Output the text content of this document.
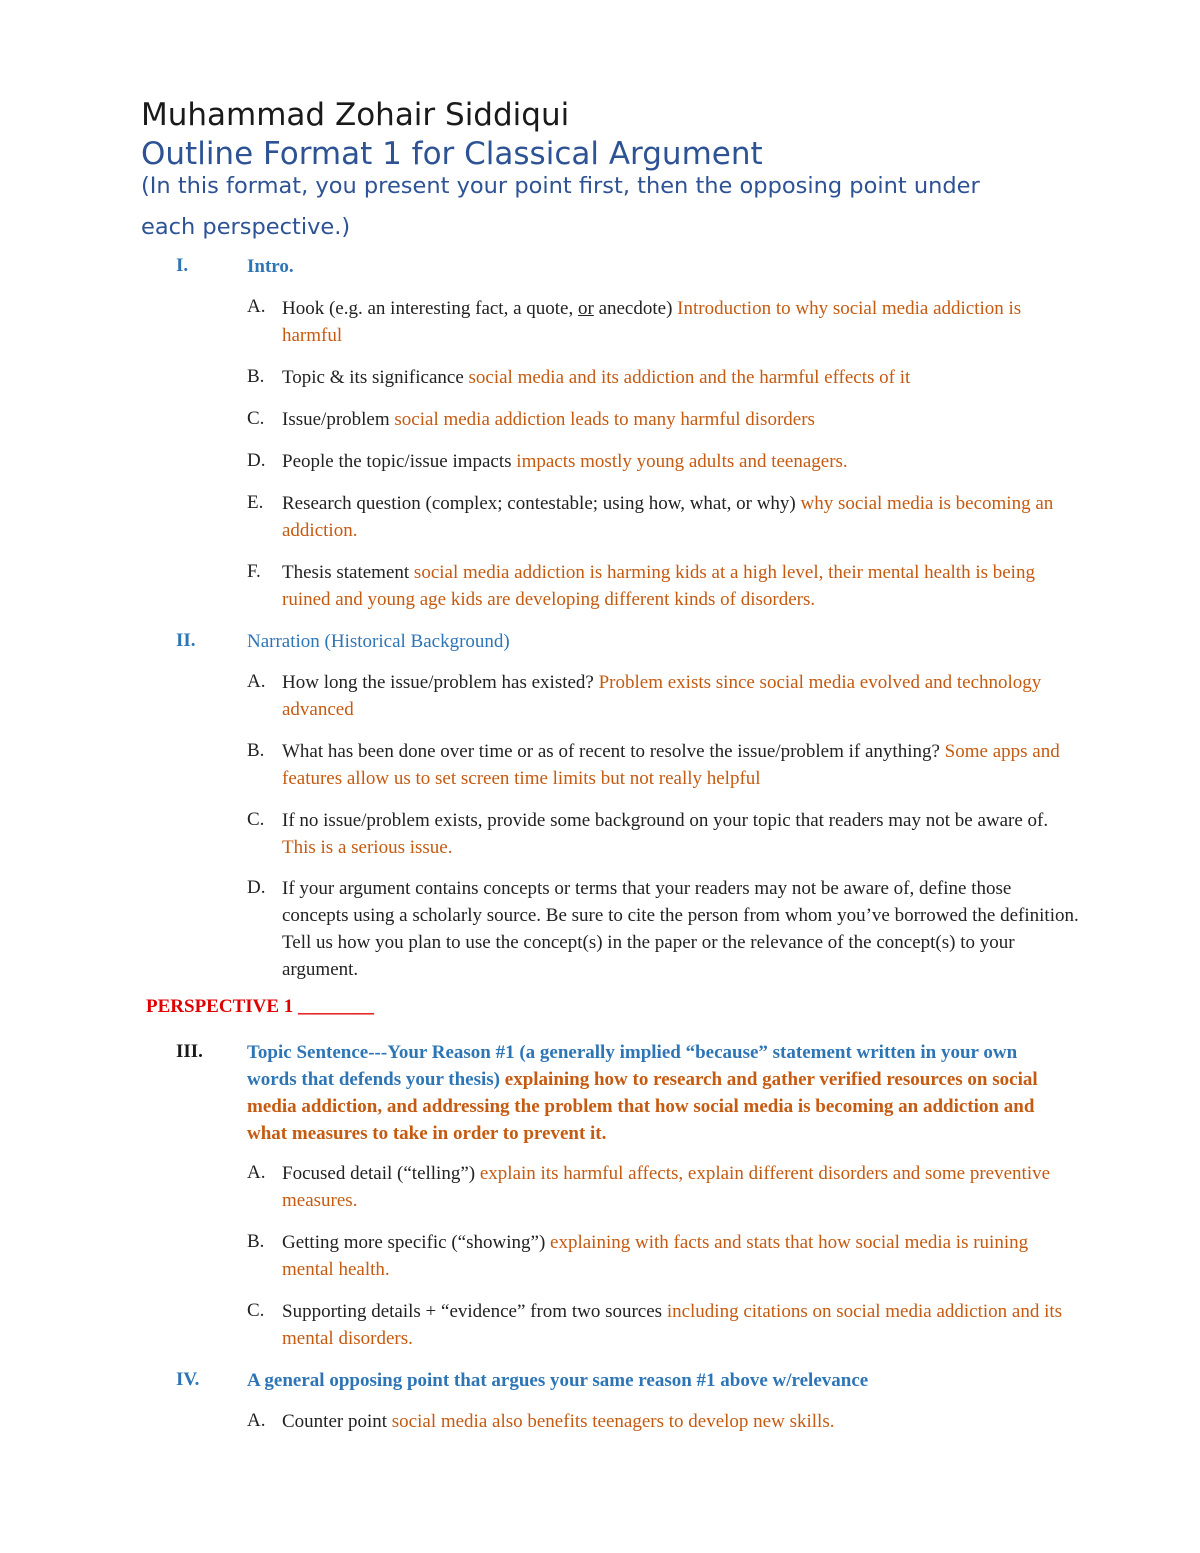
Muhammad Zohair Siddiqui
Outline Format 1 for Classical Argument
(In this format, you present your point first, then the opposing point under
each perspective.)
I.	Intro.
A. Hook (e.g. an interesting fact, a quote, or anecdote) Introduction to why social media addiction is harmful
B. Topic & its significance social media and its addiction and the harmful effects of it
C. Issue/problem social media addiction leads to many harmful disorders
D. People the topic/issue impacts impacts mostly young adults and teenagers.
E. Research question (complex; contestable; using how, what, or why) why social media is becoming an addiction.
F. Thesis statement social media addiction is harming kids at a high level, their mental health is being ruined and young age kids are developing different kinds of disorders.
II.	Narration (Historical Background)
A. How long the issue/problem has existed? Problem exists since social media evolved and technology advanced
B. What has been done over time or as of recent to resolve the issue/problem if anything? Some apps and features allow us to set screen time limits but not really helpful
C. If no issue/problem exists, provide some background on your topic that readers may not be aware of. This is a serious issue.
D. If your argument contains concepts or terms that your readers may not be aware of, define those concepts using a scholarly source. Be sure to cite the person from whom you’ve borrowed the definition. Tell us how you plan to use the concept(s) in the paper or the relevance of the concept(s) to your argument.
PERSPECTIVE 1 ________
III. Topic Sentence---Your Reason #1 (a generally implied “because” statement written in your own words that defends your thesis) explaining how to research and gather verified resources on social media addiction, and addressing the problem that how social media is becoming an addiction and what measures to take in order to prevent it.
A. Focused detail (“telling”) explain its harmful affects, explain different disorders and some preventive measures.
B. Getting more specific (“showing”) explaining with facts and stats that how social media is ruining mental health.
C. Supporting details + “evidence” from two sources including citations on social media addiction and its mental disorders.
IV.	A general opposing point that argues your same reason #1 above w/relevance
A. Counter point social media also benefits teenagers to develop new skills.
